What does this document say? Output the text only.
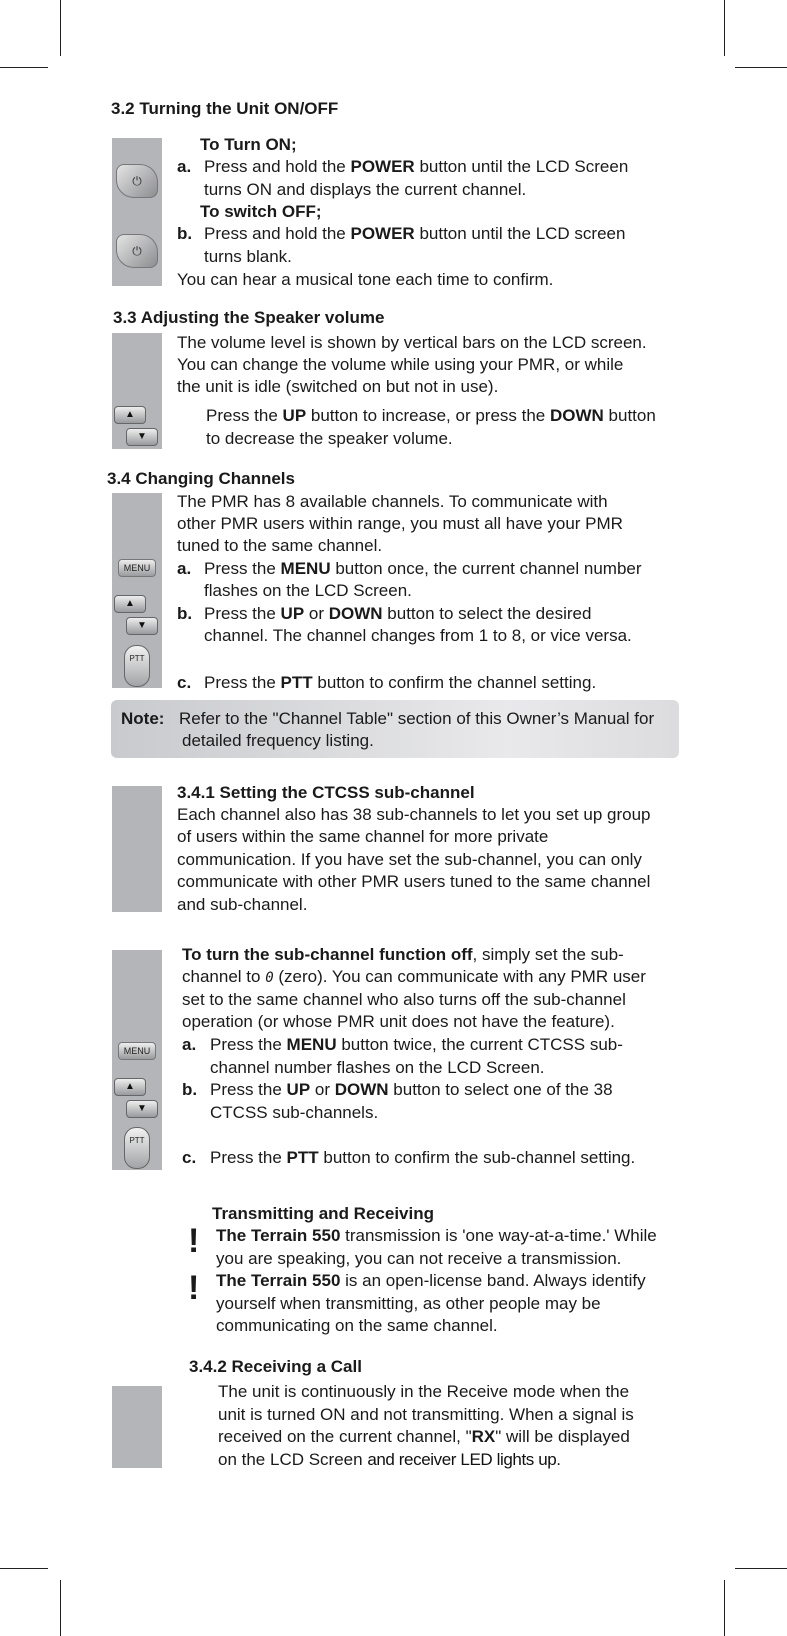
3.2 Turning the Unit ON/OFF
⏻
⏻
To Turn ON;
a. Press and hold the POWER button until the LCD Screen
turns ON and displays the current channel.
To switch OFF;
b. Press and hold the POWER button until the LCD screen
turns blank.
You can hear a musical tone each time to confirm.
3.3 Adjusting the Speaker volume
▲
▼
The volume level is shown by vertical bars on the LCD screen.
You can change the volume while using your PMR, or while
the unit is idle (switched on but not in use).
Press the UP button to increase, or press the DOWN button
to decrease the speaker volume.
3.4 Changing Channels
MENU
▲
▼
PTT
The PMR has 8 available channels. To communicate with
other PMR users within range, you must all have your PMR
tuned to the same channel.
a. Press the MENU button once, the current channel number
flashes on the LCD Screen.
b. Press the UP or DOWN button to select the desired
channel. The channel changes from 1 to 8, or vice versa.
c. Press the PTT button to confirm the channel setting.
Note: Refer to the "Channel Table" section of this Owner’s Manual for
detailed frequency listing.
3.4.1 Setting the CTCSS sub-channel
Each channel also has 38 sub-channels to let you set up group
of users within the same channel for more private
communication. If you have set the sub-channel, you can only
communicate with other PMR users tuned to the same channel
and sub-channel.
MENU
▲
▼
PTT
To turn the sub-channel function off, simply set the sub-
channel to 0 (zero). You can communicate with any PMR user
set to the same channel who also turns off the sub-channel
operation (or whose PMR unit does not have the feature).
a. Press the MENU button twice, the current CTCSS sub-
channel number flashes on the LCD Screen.
b. Press the UP or DOWN button to select one of the 38
CTCSS sub-channels.
c. Press the PTT button to confirm the sub-channel setting.
Transmitting and Receiving
!
!
The Terrain 550 transmission is 'one way-at-a-time.' While
you are speaking, you can not receive a transmission.
The Terrain 550 is an open-license band. Always identify
yourself when transmitting, as other people may be
communicating on the same channel.
3.4.2 Receiving a Call
The unit is continuously in the Receive mode when the
unit is turned ON and not transmitting. When a signal is
received on the current channel, "RX" will be displayed
on the LCD Screen and receiver LED lights up.
